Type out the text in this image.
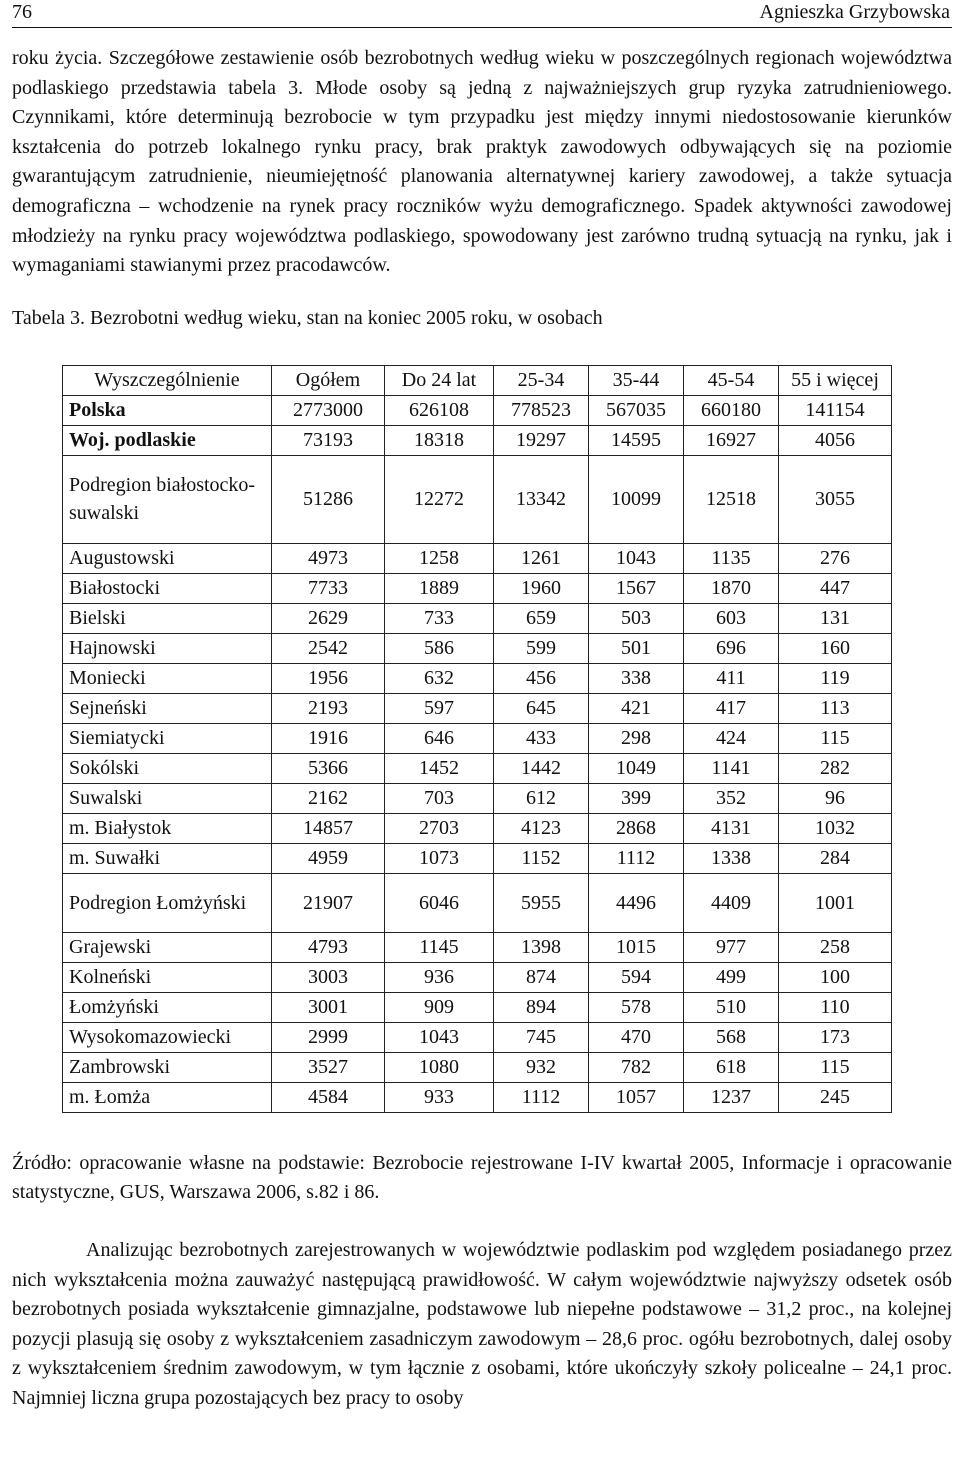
76	Agnieszka Grzybowska

roku życia. Szczegółowe zestawienie osób bezrobotnych według wieku w poszczególnych regionach województwa podlaskiego przedstawia tabela 3. Młode osoby są jedną z najważniejszych grup ryzyka zatrudnieniowego. Czynnikami, które determinują bezrobocie w tym przypadku jest między innymi niedostosowanie kierunków kształcenia do potrzeb lokalnego rynku pracy, brak praktyk zawodowych odbywających się na poziomie gwarantującym zatrudnienie, nieumiejętność planowania alternatywnej kariery zawodowej, a także sytuacja demograficzna – wchodzenie na rynek pracy roczników wyżu demograficznego. Spadek aktywności zawodowej młodzieży na rynku pracy województwa podlaskiego, spowodowany jest zarówno trudną sytuacją na rynku, jak i wymaganiami stawianymi przez pracodawców.

Tabela 3. Bezrobotni według wieku, stan na koniec 2005 roku, w osobach
Wyszczególnienie	Ogółem	Do 24 lat	25-34	35-44	45-54	55 i więcej
Polska	2773000	626108	778523	567035	660180	141154
Woj. podlaskie	73193	18318	19297	14595	16927	4056
Podregion białostocko-suwalski	51286	12272	13342	10099	12518	3055
Augustowski	4973	1258	1261	1043	1135	276
Białostocki	7733	1889	1960	1567	1870	447
Bielski	2629	733	659	503	603	131
Hajnowski	2542	586	599	501	696	160
Moniecki	1956	632	456	338	411	119
Sejneński	2193	597	645	421	417	113
Siemiatycki	1916	646	433	298	424	115
Sokólski	5366	1452	1442	1049	1141	282
Suwalski	2162	703	612	399	352	96
m. Białystok	14857	2703	4123	2868	4131	1032
m. Suwałki	4959	1073	1152	1112	1338	284
Podregion Łomżyński	21907	6046	5955	4496	4409	1001
Grajewski	4793	1145	1398	1015	977	258
Kolneński	3003	936	874	594	499	100
Łomżyński	3001	909	894	578	510	110
Wysokomazowiecki	2999	1043	745	470	568	173
Zambrowski	3527	1080	932	782	618	115
m. Łomża	4584	933	1112	1057	1237	245

Źródło: opracowanie własne na podstawie: Bezrobocie rejestrowane I-IV kwartał 2005, Informacje i opracowanie statystyczne, GUS, Warszawa 2006, s.82 i 86.

Analizując bezrobotnych zarejestrowanych w województwie podlaskim pod względem posiadanego przez nich wykształcenia można zauważyć następującą prawidłowość. W całym województwie najwyższy odsetek osób bezrobotnych posiada wykształcenie gimnazjalne, podstawowe lub niepełne podstawowe – 31,2 proc., na kolejnej pozycji plasują się osoby z wykształceniem zasadniczym zawodowym – 28,6 proc. ogółu bezrobotnych, dalej osoby z wykształceniem średnim zawodowym, w tym łącznie z osobami, które ukończyły szkoły policealne – 24,1 proc. Najmniej liczna grupa pozostających bez pracy to osoby
